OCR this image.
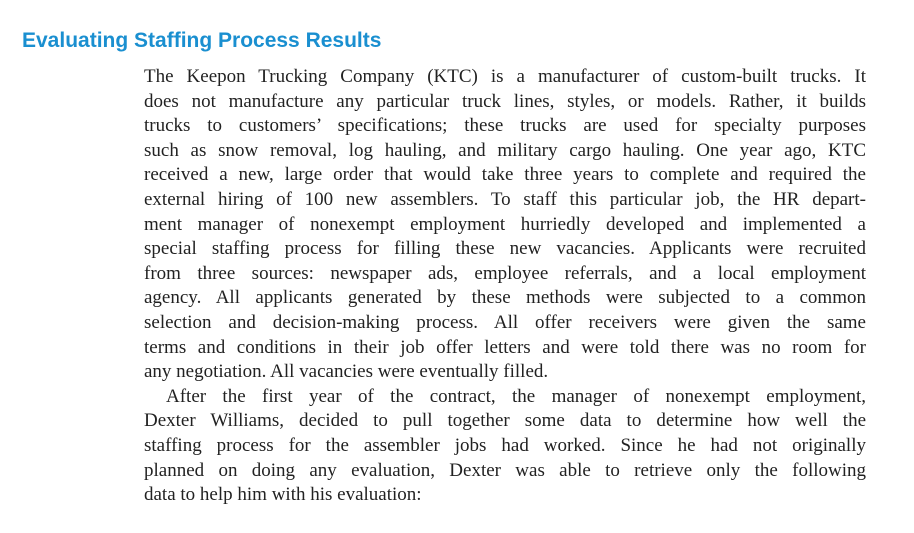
Evaluating Staffing Process Results

The Keepon Trucking Company (KTC) is a manufacturer of custom-built trucks. It
does not manufacture any particular truck lines, styles, or models. Rather, it builds
trucks to customers’ specifications; these trucks are used for specialty purposes
such as snow removal, log hauling, and military cargo hauling. One year ago, KTC
received a new, large order that would take three years to complete and required the
external hiring of 100 new assemblers. To staff this particular job, the HR depart-
ment manager of nonexempt employment hurriedly developed and implemented a
special staffing process for filling these new vacancies. Applicants were recruited
from three sources: newspaper ads, employee referrals, and a local employment
agency. All applicants generated by these methods were subjected to a common
selection and decision-making process. All offer receivers were given the same
terms and conditions in their job offer letters and were told there was no room for
any negotiation. All vacancies were eventually filled.

After the first year of the contract, the manager of nonexempt employment,
Dexter Williams, decided to pull together some data to determine how well the
staffing process for the assembler jobs had worked. Since he had not originally
planned on doing any evaluation, Dexter was able to retrieve only the following
data to help him with his evaluation:
